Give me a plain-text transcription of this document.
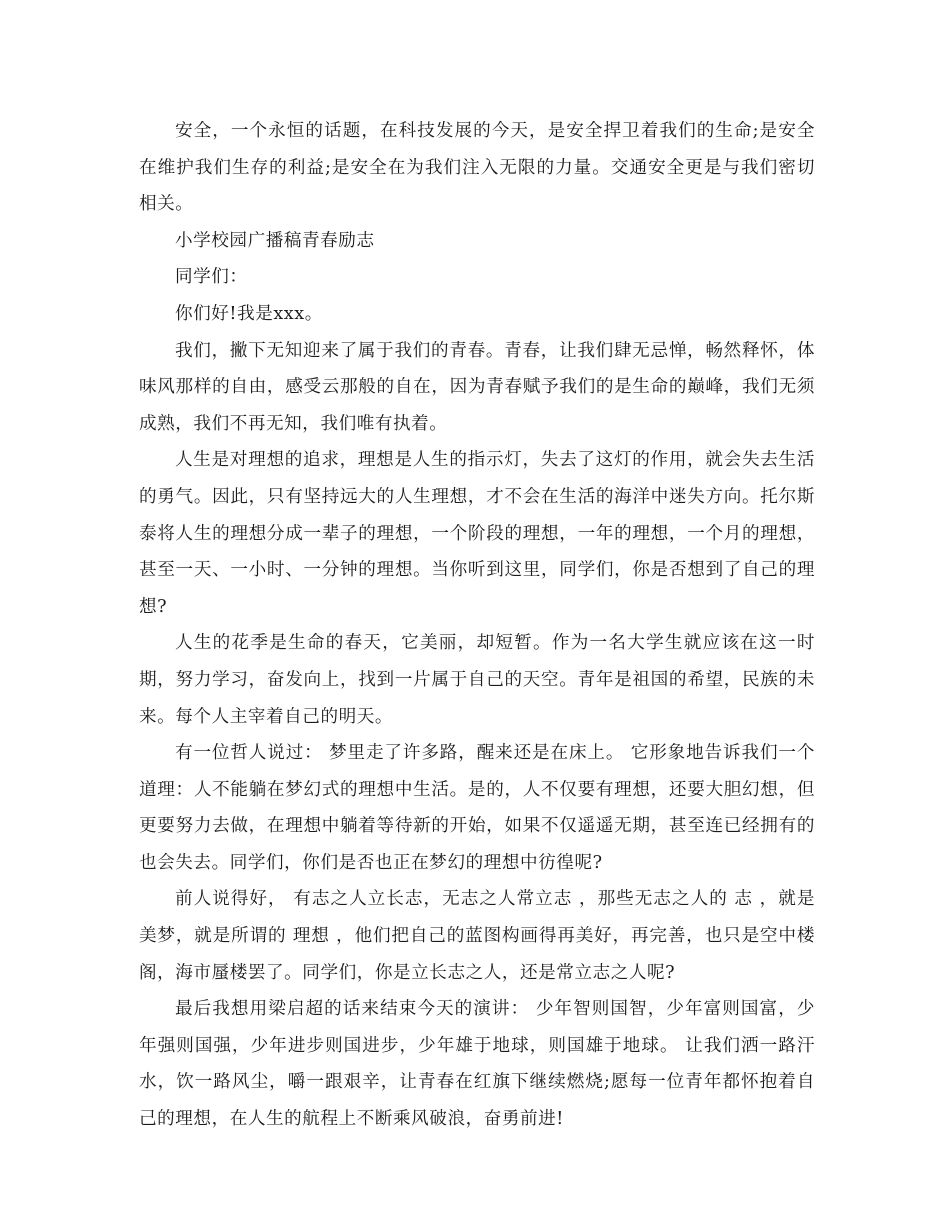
安全，一个永恒的话题，在科技发展的今天，是安全捍卫着我们的生命;是安全在维护我们生存的利益;是安全在为我们注入无限的力量。交通安全更是与我们密切相关。

小学校园广播稿青春励志

同学们：

你们好!我是xxx。

我们，撇下无知迎来了属于我们的青春。青春，让我们肆无忌惮，畅然释怀，体味风那样的自由，感受云那般的自在，因为青春赋予我们的是生命的巅峰，我们无须成熟，我们不再无知，我们唯有执着。

人生是对理想的追求，理想是人生的指示灯，失去了这灯的作用，就会失去生活的勇气。因此，只有坚持远大的人生理想，才不会在生活的海洋中迷失方向。托尔斯泰将人生的理想分成一辈子的理想，一个阶段的理想，一年的理想，一个月的理想，甚至一天、一小时、一分钟的理想。当你听到这里，同学们，你是否想到了自己的理想?

人生的花季是生命的春天，它美丽，却短暂。作为一名大学生就应该在这一时期，努力学习，奋发向上，找到一片属于自己的天空。青年是祖国的希望，民族的未来。每个人主宰着自己的明天。

有一位哲人说过： 梦里走了许多路，醒来还是在床上。 它形象地告诉我们一个道理：人不能躺在梦幻式的理想中生活。是的，人不仅要有理想，还要大胆幻想，但更要努力去做，在理想中躺着等待新的开始，如果不仅遥遥无期，甚至连已经拥有的也会失去。同学们，你们是否也正在梦幻的理想中彷徨呢?

前人说得好， 有志之人立长志，无志之人常立志 ，那些无志之人的 志 ，就是美梦，就是所谓的 理想 ，他们把自己的蓝图构画得再美好，再完善，也只是空中楼阁，海市蜃楼罢了。同学们，你是立长志之人，还是常立志之人呢?

最后我想用梁启超的话来结束今天的演讲： 少年智则国智，少年富则国富，少年强则国强，少年进步则国进步，少年雄于地球，则国雄于地球。 让我们洒一路汗水，饮一路风尘，嚼一跟艰辛，让青春在红旗下继续燃烧;愿每一位青年都怀抱着自己的理想，在人生的航程上不断乘风破浪，奋勇前进!
